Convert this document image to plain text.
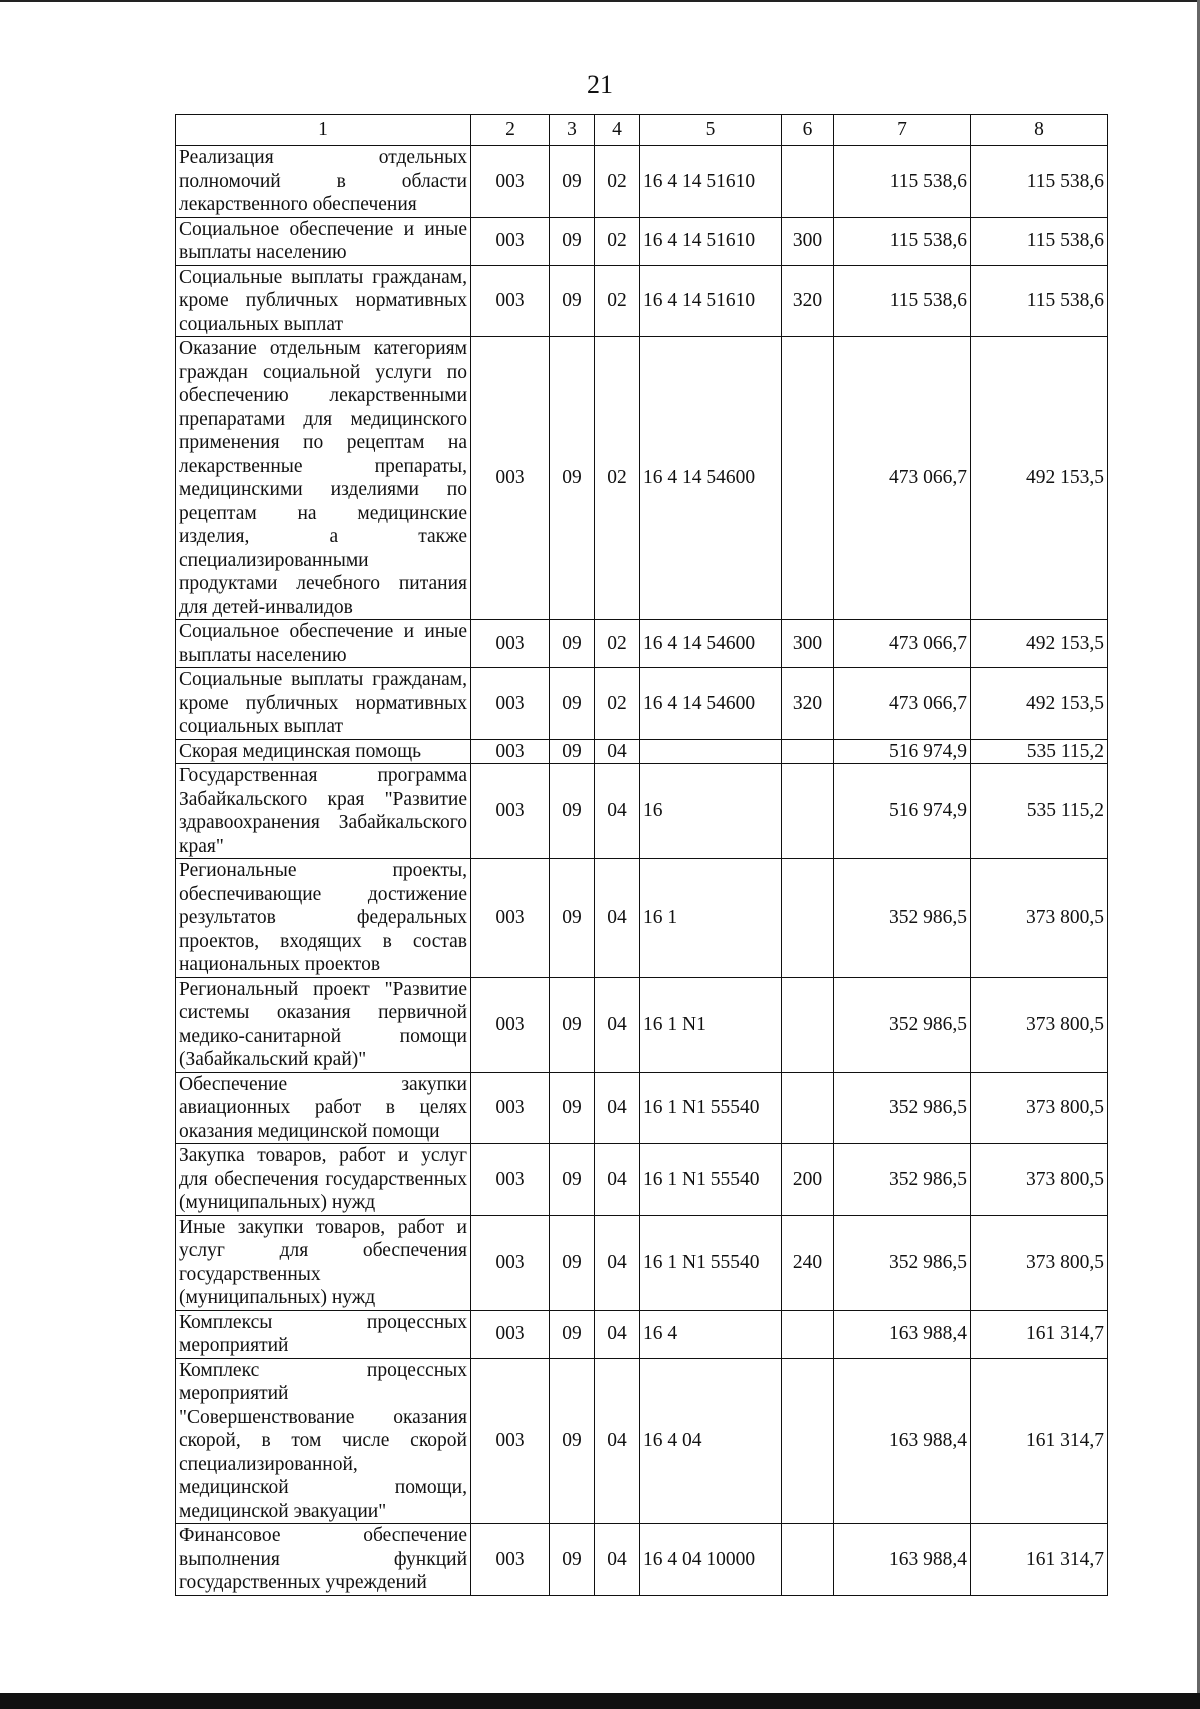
21
1	2	3	4	5	6	7	8
Реализация отдельных полномочий в области лекарственного обеспечения	003	09	02	16 4 14 51610		115 538,6	115 538,6
Социальное обеспечение и иные выплаты населению	003	09	02	16 4 14 51610	300	115 538,6	115 538,6
Социальные выплаты гражданам, кроме публичных нормативных социальных выплат	003	09	02	16 4 14 51610	320	115 538,6	115 538,6
Оказание отдельным категориям граждан социальной услуги по обеспечению лекарственными препаратами для медицинского применения по рецептам на лекарственные препараты, медицинскими изделиями по рецептам на медицинские изделия, а также специализированными продуктами лечебного питания для детей-инвалидов	003	09	02	16 4 14 54600		473 066,7	492 153,5
Социальное обеспечение и иные выплаты населению	003	09	02	16 4 14 54600	300	473 066,7	492 153,5
Социальные выплаты гражданам, кроме публичных нормативных социальных выплат	003	09	02	16 4 14 54600	320	473 066,7	492 153,5
Скорая медицинская помощь	003	09	04			516 974,9	535 115,2
Государственная программа Забайкальского края "Развитие здравоохранения Забайкальского края"	003	09	04	16		516 974,9	535 115,2
Региональные проекты, обеспечивающие достижение результатов федеральных проектов, входящих в состав национальных проектов	003	09	04	16 1		352 986,5	373 800,5
Региональный проект "Развитие системы оказания первичной медико-санитарной помощи (Забайкальский край)"	003	09	04	16 1 N1		352 986,5	373 800,5
Обеспечение закупки авиационных работ в целях оказания медицинской помощи	003	09	04	16 1 N1 55540		352 986,5	373 800,5
Закупка товаров, работ и услуг для обеспечения государственных (муниципальных) нужд	003	09	04	16 1 N1 55540	200	352 986,5	373 800,5
Иные закупки товаров, работ и услуг для обеспечения государственных (муниципальных) нужд	003	09	04	16 1 N1 55540	240	352 986,5	373 800,5
Комплексы процессных мероприятий	003	09	04	16 4		163 988,4	161 314,7
Комплекс процессных мероприятий "Совершенствование оказания скорой, в том числе скорой специализированной, медицинской помощи, медицинской эвакуации"	003	09	04	16 4 04		163 988,4	161 314,7
Финансовое обеспечение выполнения функций государственных учреждений	003	09	04	16 4 04 10000		163 988,4	161 314,7
